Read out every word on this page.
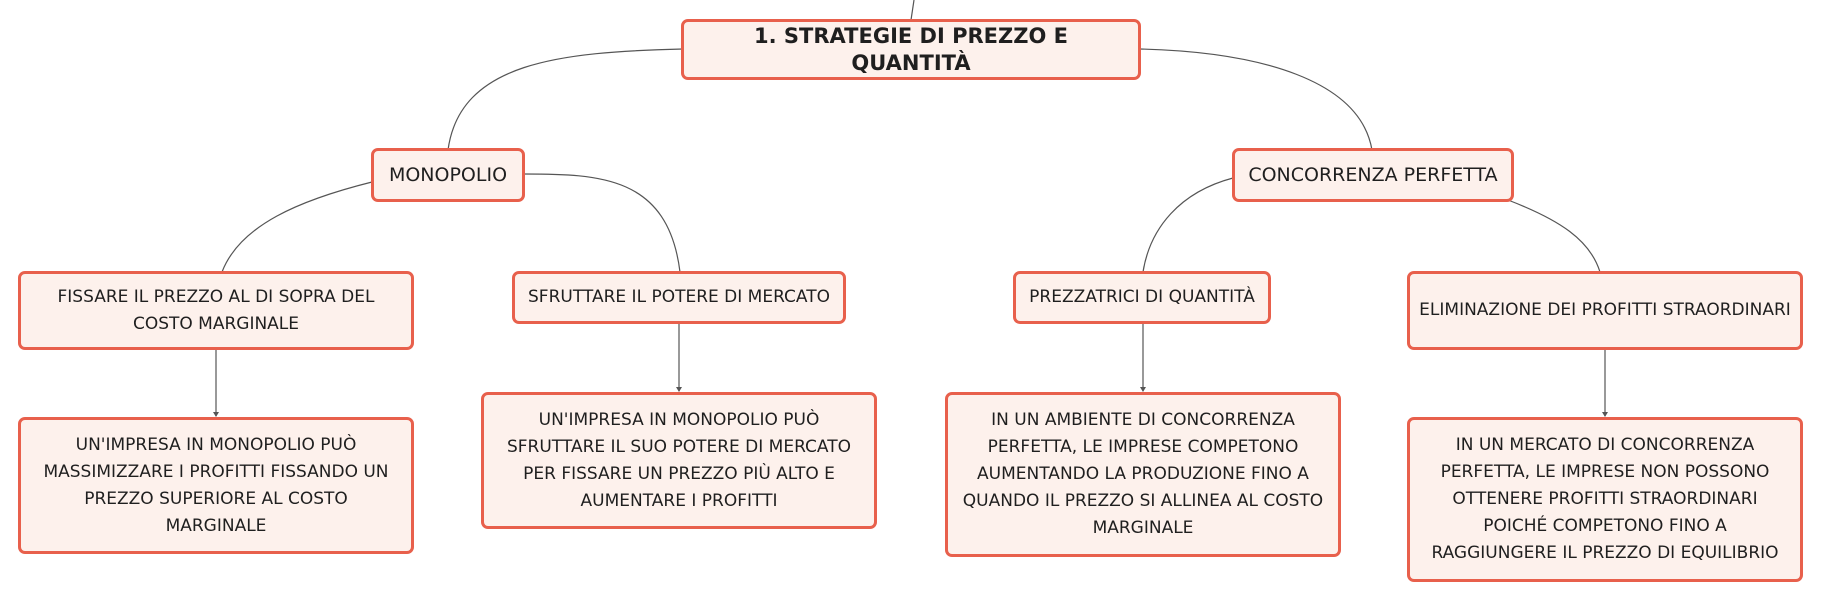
1. STRATEGIE DI PREZZO E QUANTITÀ
MONOPOLIO	CONCORRENZA PERFETTA
FISSARE IL PREZZO AL DI SOPRA DEL COSTO MARGINALE
SFRUTTARE IL POTERE DI MERCATO	PREZZATRICI DI QUANTITÀ
ELIMINAZIONE DEI PROFITTI STRAORDINARI
UN'IMPRESA IN MONOPOLIO PUÒ MASSIMIZZARE I PROFITTI FISSANDO UN PREZZO SUPERIORE AL COSTO MARGINALE
UN'IMPRESA IN MONOPOLIO PUÒ SFRUTTARE IL SUO POTERE DI MERCATO PER FISSARE UN PREZZO PIÙ ALTO E AUMENTARE I PROFITTI
IN UN AMBIENTE DI CONCORRENZA PERFETTA, LE IMPRESE COMPETONO AUMENTANDO LA PRODUZIONE FINO A QUANDO IL PREZZO SI ALLINEA AL COSTO MARGINALE
IN UN MERCATO DI CONCORRENZA PERFETTA, LE IMPRESE NON POSSONO OTTENERE PROFITTI STRAORDINARI POICHÉ COMPETONO FINO A RAGGIUNGERE IL PREZZO DI EQUILIBRIO
